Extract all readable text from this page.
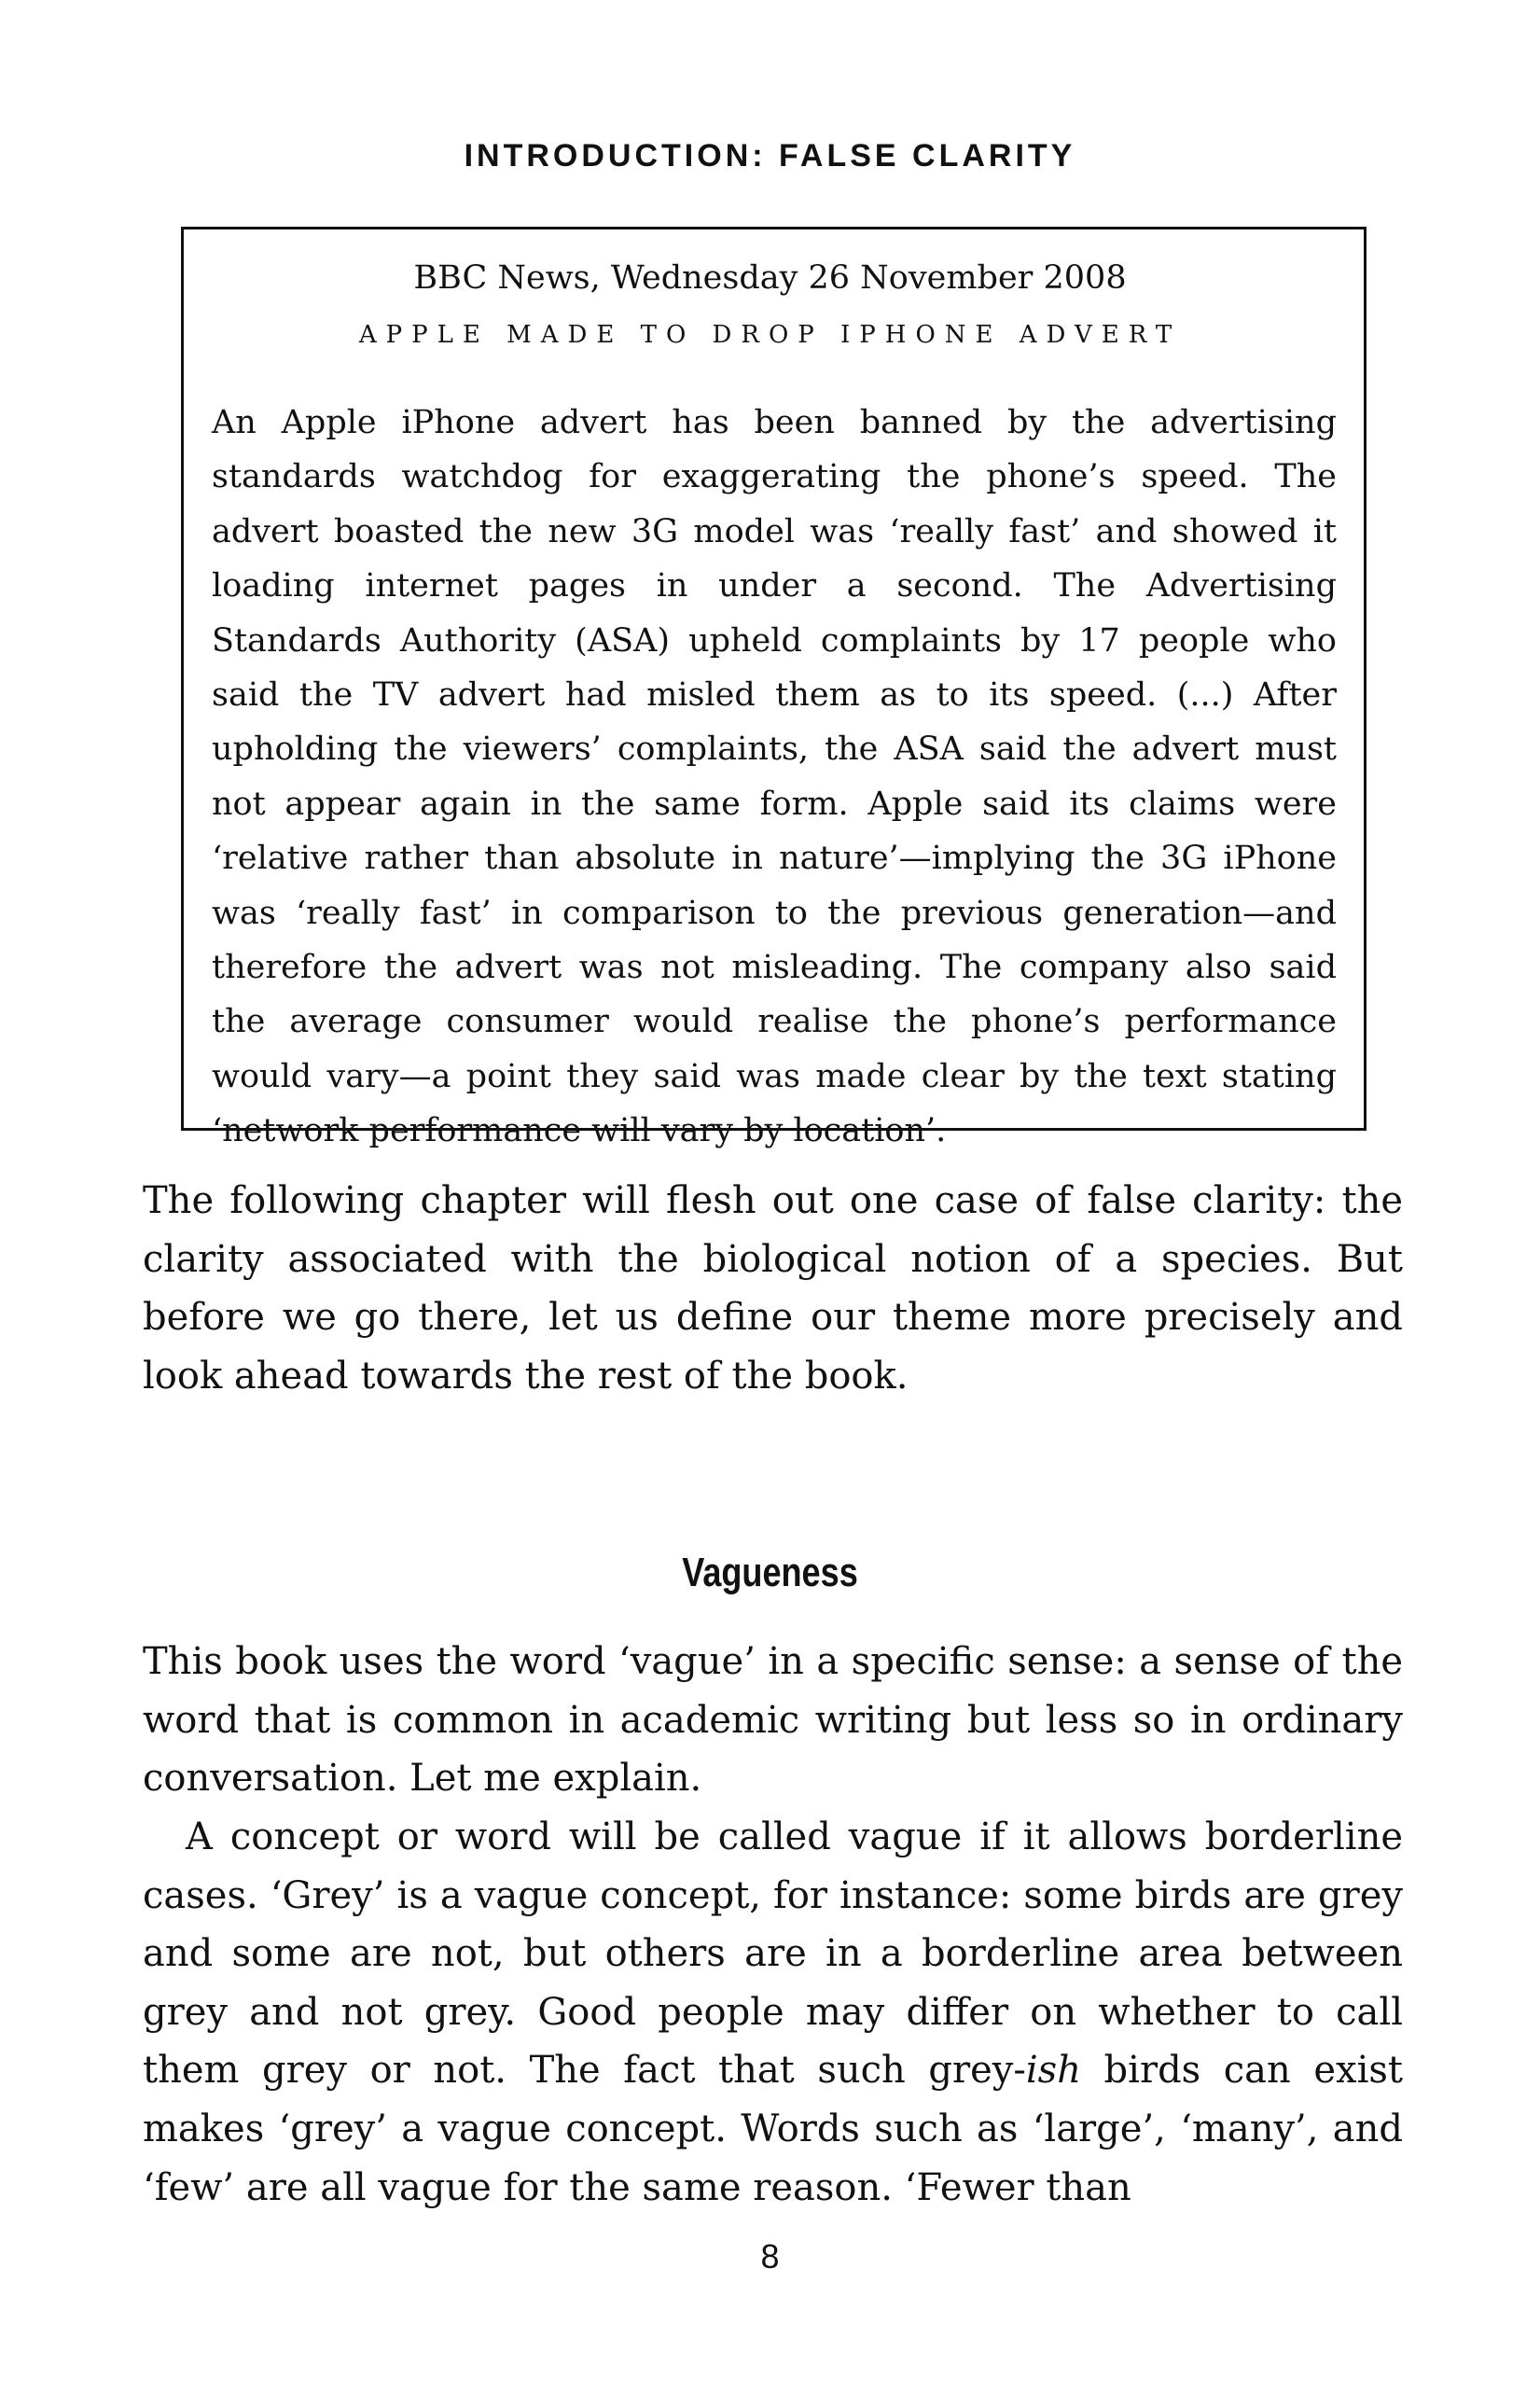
INTRODUCTION: FALSE CLARITY
BBC News, Wednesday 26 November 2008
APPLE MADE TO DROP IPHONE ADVERT

An Apple iPhone advert has been banned by the advertising standards watchdog for exaggerating the phone’s speed. The advert boasted the new 3G model was ‘really fast’ and showed it loading internet pages in under a second. The Advertising Standards Authority (ASA) upheld complaints by 17 people who said the TV advert had misled them as to its speed. (...) After upholding the viewers’ complaints, the ASA said the advert must not appear again in the same form. Apple said its claims were ‘relative rather than absolute in nature’—implying the 3G iPhone was ‘really fast’ in comparison to the previous generation—and therefore the advert was not misleading. The company also said the average consumer would realise the phone’s performance would vary—a point they said was made clear by the text stating ‘network performance will vary by location’.

The following chapter will flesh out one case of false clarity: the clarity associated with the biological notion of a species. But before we go there, let us define our theme more precisely and look ahead towards the rest of the book.

Vagueness

This book uses the word ‘vague’ in a specific sense: a sense of the word that is common in academic writing but less so in ordinary conversation. Let me explain.

A concept or word will be called vague if it allows borderline cases. ‘Grey’ is a vague concept, for instance: some birds are grey and some are not, but others are in a borderline area between grey and not grey. Good people may differ on whether to call them grey or not. The fact that such grey-ish birds can exist makes ‘grey’ a vague concept. Words such as ‘large’, ‘many’, and ‘few’ are all vague for the same reason. ‘Fewer than

8
